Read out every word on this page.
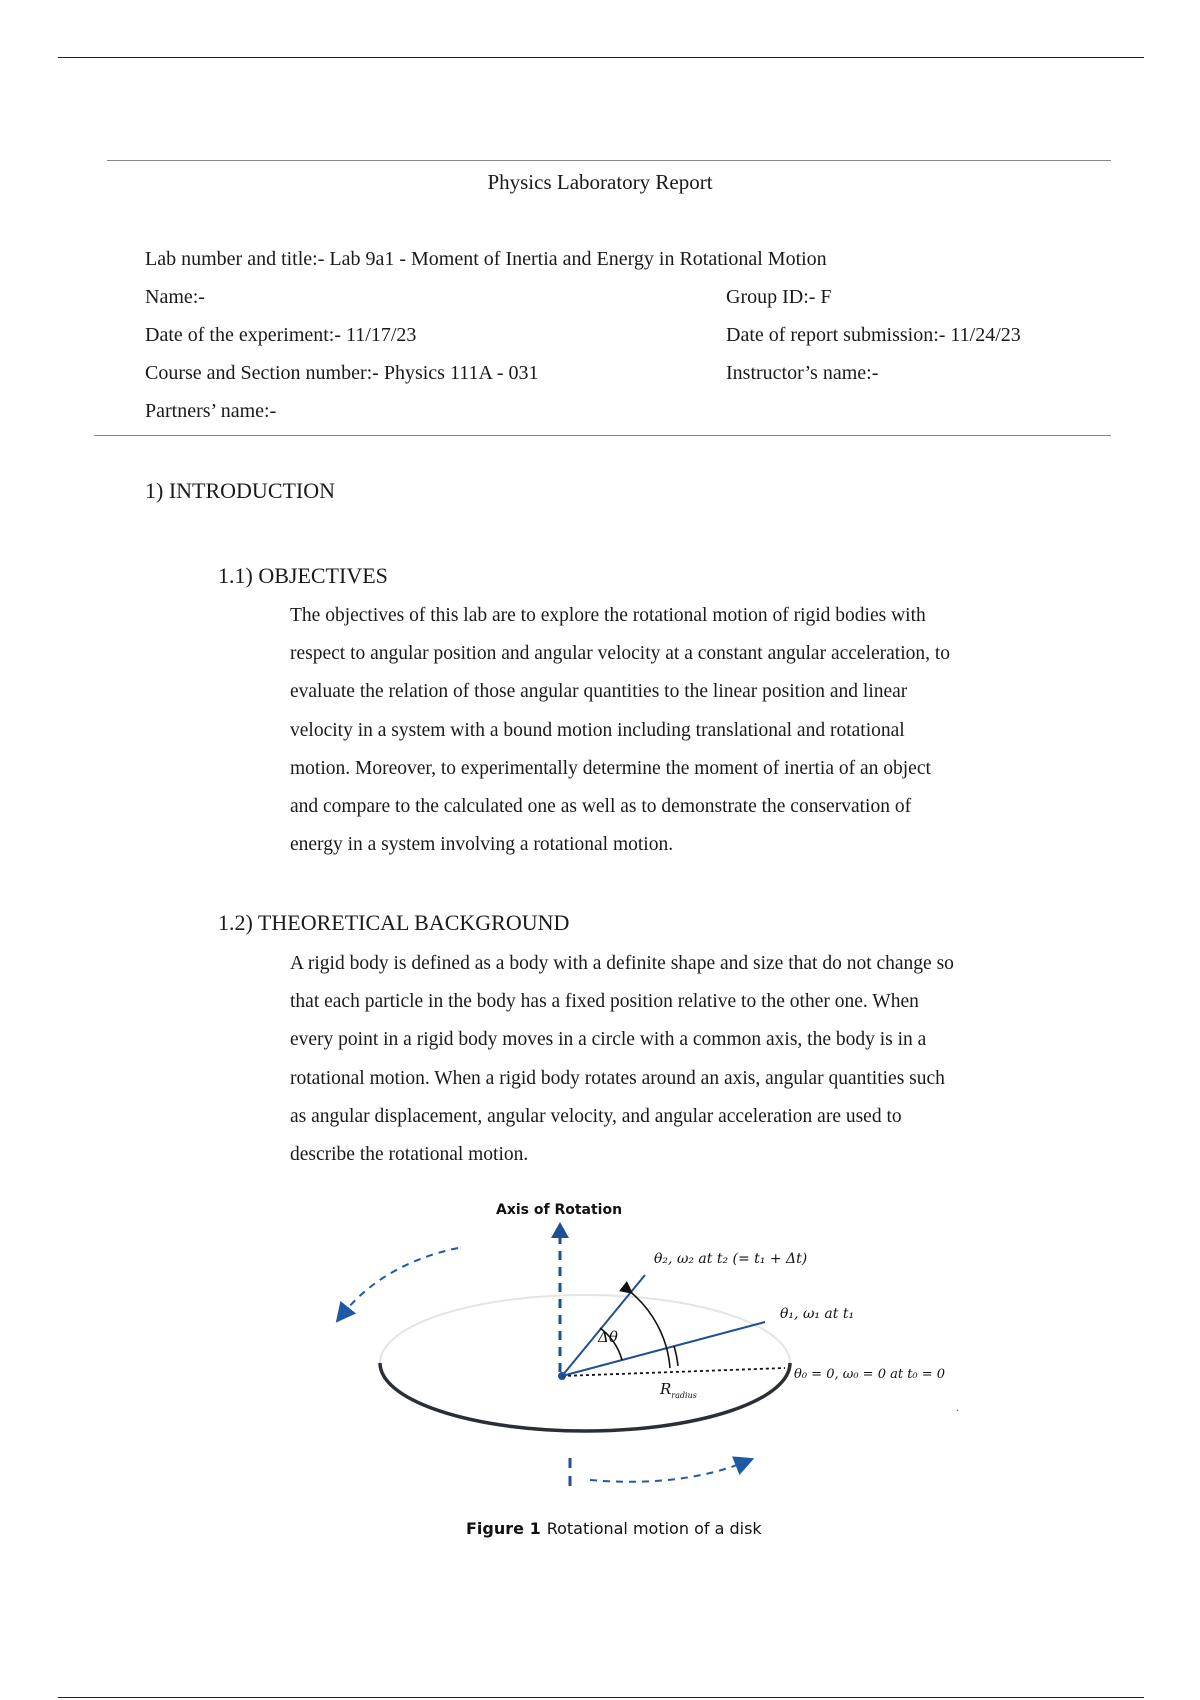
Physics Laboratory Report
Lab number and title:- Lab 9a1 - Moment of Inertia and Energy in Rotational Motion
Name:-	Group ID:- F
Date of the experiment:- 11/17/23	Date of report submission:- 11/24/23
Course and Section number:- Physics 111A - 031	Instructor’s name:-
Partners’ name:-
1) INTRODUCTION
1.1) OBJECTIVES
The objectives of this lab are to explore the rotational motion of rigid bodies with
respect to angular position and angular velocity at a constant angular acceleration, to
evaluate the relation of those angular quantities to the linear position and linear
velocity in a system with a bound motion including translational and rotational
motion. Moreover, to experimentally determine the moment of inertia of an object
and compare to the calculated one as well as to demonstrate the conservation of
energy in a system involving a rotational motion.
1.2) THEORETICAL BACKGROUND
A rigid body is defined as a body with a definite shape and size that do not change so
that each particle in the body has a fixed position relative to the other one. When
every point in a rigid body moves in a circle with a common axis, the body is in a
rotational motion. When a rigid body rotates around an axis, angular quantities such
as angular displacement, angular velocity, and angular acceleration are used to
describe the rotational motion.
Axis of Rotation
θ₂, ω₂ at t₂ (= t₁ + Δt)
θ₁, ω₁ at t₁
θ₀ = 0, ω₀ = 0 at t₀ = 0
Δθ
$R_{radius}$
·
Figure 1 Rotational motion of a disk
